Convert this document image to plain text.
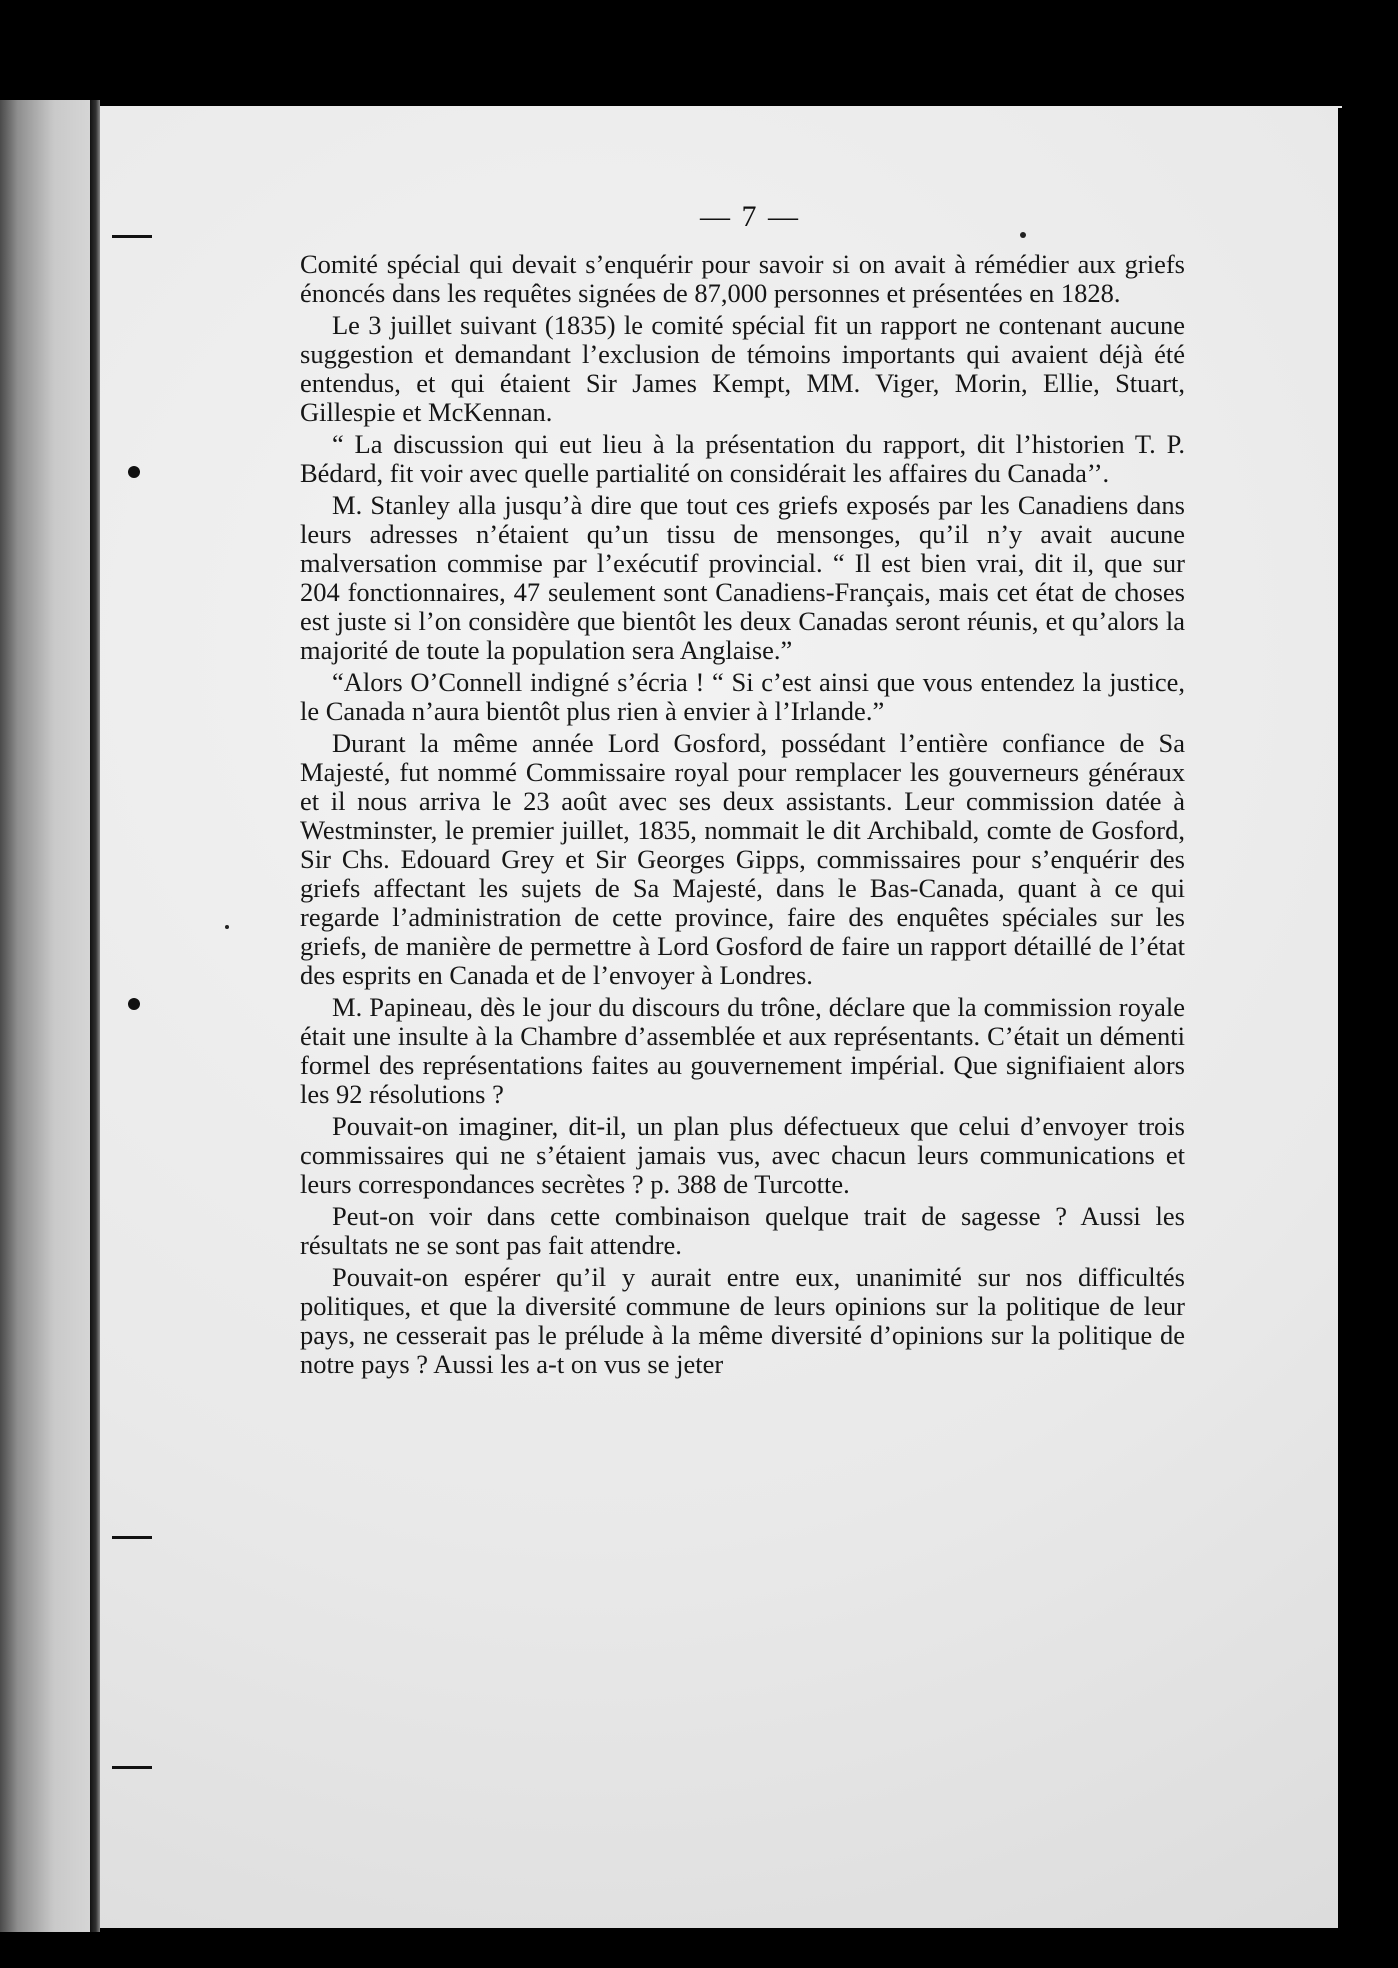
— 7 —

Comité spécial qui devait s’enquérir pour savoir si on avait à rémédier aux griefs énoncés dans les requêtes signées de 87,000 personnes et présentées en 1828.

Le 3 juillet suivant (1835) le comité spécial fit un rapport ne contenant aucune suggestion et demandant l’exclusion de témoins importants qui avaient déjà été entendus, et qui étaient Sir James Kempt, MM. Viger, Morin, Ellie, Stuart, Gillespie et McKennan.

“ La discussion qui eut lieu à la présentation du rapport, dit l’historien T. P. Bédard, fit voir avec quelle partialité on considérait les affaires du Canada’’.

M. Stanley alla jusqu’à dire que tout ces griefs exposés par les Canadiens dans leurs adresses n’étaient qu’un tissu de mensonges, qu’il n’y avait aucune malversation commise par l’exécutif provincial. “ Il est bien vrai, dit il, que sur 204 fonctionnaires, 47 seulement sont Canadiens-Français, mais cet état de choses est juste si l’on considère que bientôt les deux Canadas seront réunis, et qu’alors la majorité de toute la population sera Anglaise.”

“Alors O’Connell indigné s’écria ! “ Si c’est ainsi que vous entendez la justice, le Canada n’aura bientôt plus rien à envier à l’Irlande.”

Durant la même année Lord Gosford, possédant l’entière confiance de Sa Majesté, fut nommé Commissaire royal pour remplacer les gouverneurs généraux et il nous arriva le 23 août avec ses deux assistants. Leur commission datée à Westminster, le premier juillet, 1835, nommait le dit Archibald, comte de Gosford, Sir Chs. Edouard Grey et Sir Georges Gipps, commissaires pour s’enquérir des griefs affectant les sujets de Sa Majesté, dans le Bas-Canada, quant à ce qui regarde l’administration de cette province, faire des enquêtes spéciales sur les griefs, de manière de permettre à Lord Gosford de faire un rapport détaillé de l’état des esprits en Canada et de l’envoyer à Londres.

M. Papineau, dès le jour du discours du trône, déclare que la commission royale était une insulte à la Chambre d’assemblée et aux représentants. C’était un démenti formel des représentations faites au gouvernement impérial. Que signifiaient alors les 92 résolutions ?

Pouvait-on imaginer, dit-il, un plan plus défectueux que celui d’envoyer trois commissaires qui ne s’étaient jamais vus, avec chacun leurs communications et leurs correspondances secrètes ? p. 388 de Turcotte.

Peut-on voir dans cette combinaison quelque trait de sagesse ? Aussi les résultats ne se sont pas fait attendre.

Pouvait-on espérer qu’il y aurait entre eux, unanimité sur nos difficultés politiques, et que la diversité commune de leurs opinions sur la politique de leur pays, ne cesserait pas le prélude à la même diversité d’opinions sur la politique de notre pays ? Aussi les a-t on vus se jeter
